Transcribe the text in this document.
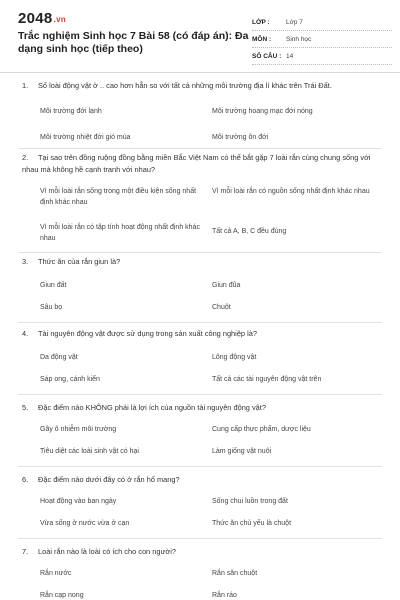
2048.vn
Trắc nghiệm Sinh học 7 Bài 58 (có đáp án): Đa dạng sinh học (tiếp theo)
LỚP :	Lớp 7
MÔN :	Sinh học
SỐ CÂU : 14
1. Số loài động vật ở .. cao hơn hẳn so với tất cả những môi trường địa lí khác trên Trái Đất.
Môi trường đới lạnh	Môi trường hoang mạc đới nóng
Môi trường nhiệt đới gió mùa	Môi trường ôn đới
2. Tại sao trên đồng ruộng đồng bằng miền Bắc Việt Nam có thể bắt gặp 7 loài rắn cùng chung sống với nhau mà không hề cạnh tranh với nhau?
Vì mỗi loài rắn sống trong một điều kiện sống nhất định khác nhau
Vì mỗi loài rắn có nguồn sống nhất định khác nhau
Vì mỗi loài rắn có tập tính hoạt động nhất định khác nhau
Tất cả A, B, C đều đúng
3. Thức ăn của rắn giun là?
Giun đất	Giun đũa
Sâu bọ	Chuột
4. Tài nguyên động vật được sử dụng trong sản xuất công nghiệp là?
Da động vật	Lông động vật
Sáp ong, cánh kiến	Tất cả các tài nguyên động vật trên
5. Đặc điểm nào KHÔNG phải là lợi ích của nguồn tài nguyên động vật?
Gây ô nhiễm môi trường	Cung cấp thực phẩm, dược liệu
Tiêu diệt các loài sinh vật có hại	Làm giống vật nuôi
6. Đặc điểm nào dưới đây có ở rắn hổ mang?
Hoạt động vào ban ngày	Sống chui luồn trong đất
Vừa sống ở nước vừa ở cạn	Thức ăn chủ yếu là chuột
7. Loài rắn nào là loài có ích cho con người?
Rắn nước	Rắn săn chuột
Rắn cạp nong	Rắn ráo
